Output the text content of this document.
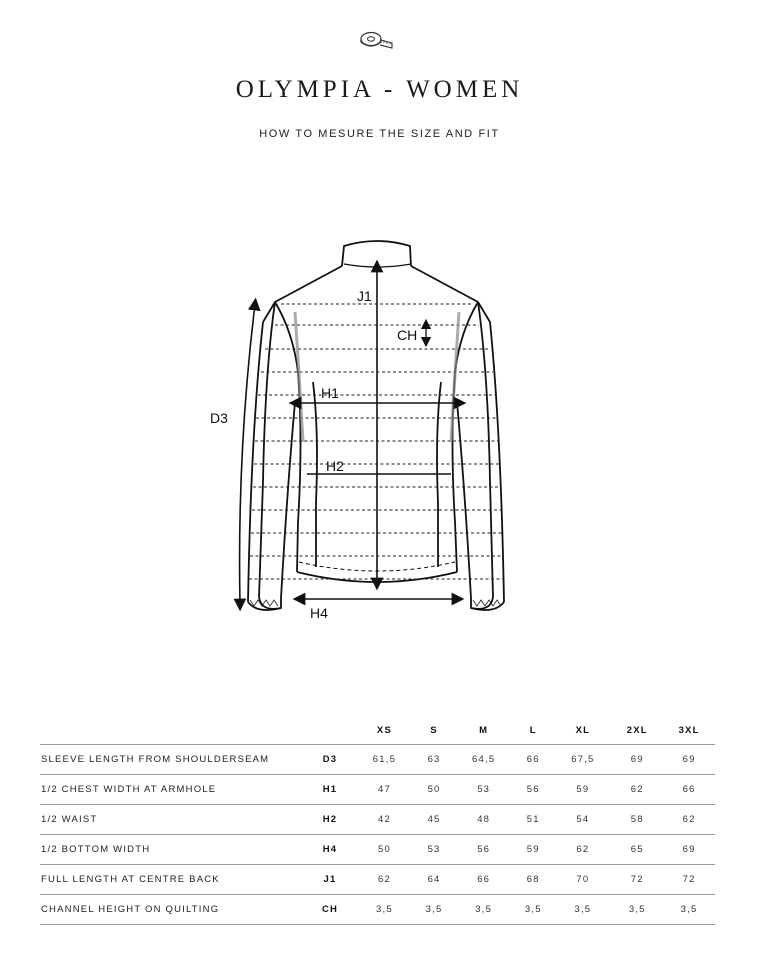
OLYMPIA - WOMEN
HOW TO MESURE THE SIZE AND FIT
J1
CH
H1
H2
H4
D3
		XS	S	M	L	XL	2XL	3XL
SLEEVE LENGTH FROM SHOULDERSEAM	D3	61,5	63	64,5	66	67,5	69	69
1/2 CHEST WIDTH AT ARMHOLE	H1	47	50	53	56	59	62	66
1/2 WAIST	H2	42	45	48	51	54	58	62
1/2 BOTTOM WIDTH	H4	50	53	56	59	62	65	69
FULL LENGTH AT CENTRE BACK	J1	62	64	66	68	70	72	72
CHANNEL HEIGHT ON QUILTING	CH	3,5	3,5	3,5	3,5	3,5	3,5	3,5
